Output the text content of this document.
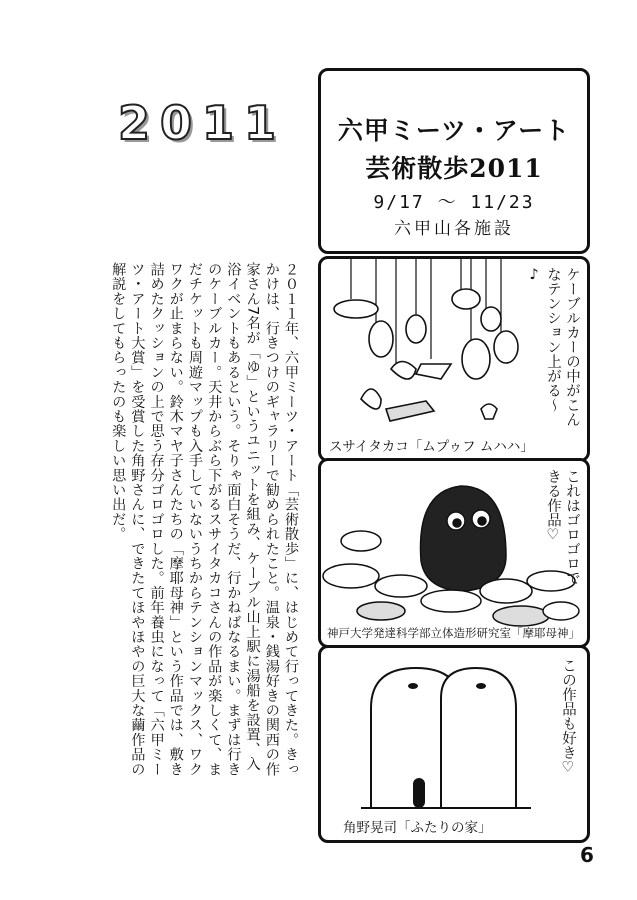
2011

２０１１年、六甲ミーツ・アート「芸術散歩」に、はじめて行ってきた。きっかけは、行きつけのギャラリーで勧められたこと。温泉・銭湯好きの関西の作家さん7名が「ゆ」というユニットを組み、ケーブル山上駅に湯船を設置、入浴イベントもあるという。そりゃ面白そうだ、行かねばなるまい。まずは行きのケーブルカー。天井からぶら下がるスサイタカコさんの作品が楽しくて、まだチケットも周遊マップも入手していないうちからテンションマックス、ワクワクが止まらない。鈴木マヤ子さんたちの「摩耶母神」という作品では、敷き詰めたクッションの上で思う存分ゴロゴロした。前年養虫になって「六甲ミーツ・アート大賞」を受賞した角野さんに、できたてほやほやの巨大な繭作品の解説をしてもらったのも楽しい思い出だ。

六甲ミーツ・アート
芸術散歩2011
9/17 ～ 11/23
六甲山各施設
ケーブルカーの中がこんなテンション上がる～♪
スサイタカコ「ムプゥフ ムハハ」
これはゴロゴロできる作品♡
神戸大学発達科学部立体造形研究室「摩耶母神」
この作品も好き♡
角野晃司「ふたりの家」
6
